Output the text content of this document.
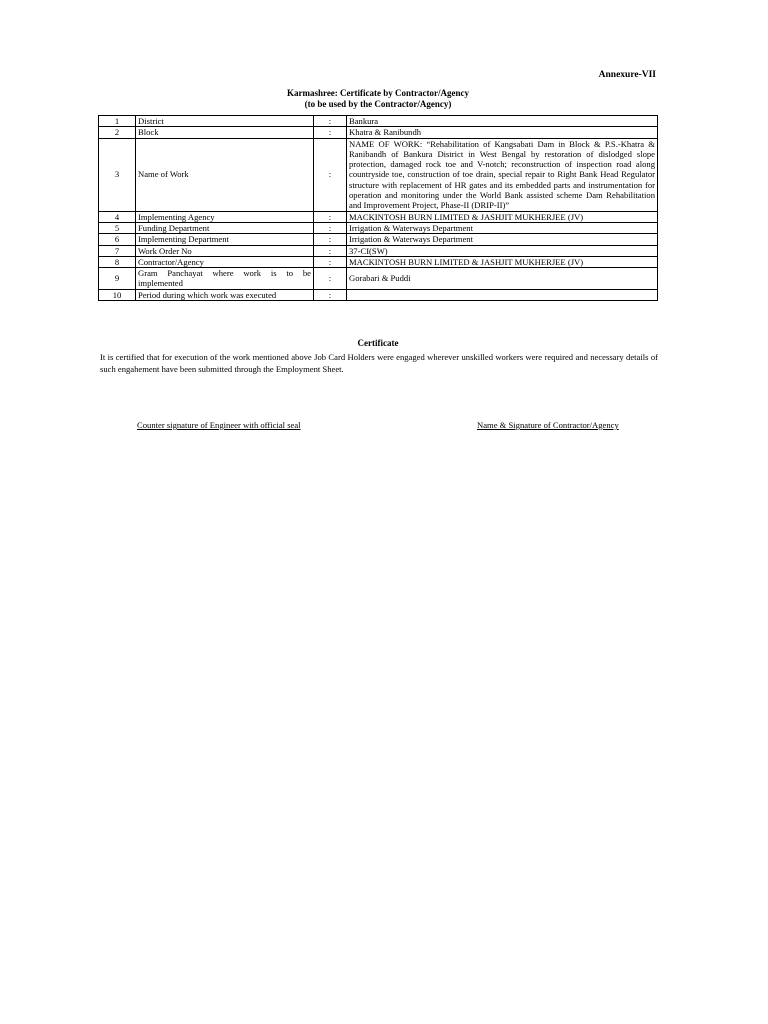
Annexure-VII
Karmashree: Certificate by Contractor/Agency
(to be used by the Contractor/Agency)
1	District	:	Bankura
2	Block	:	Khatra & Ranibundh
3	Name of Work	:	NAME OF WORK: “Rehabilitation of Kangsabati Dam in Block & P.S.-Khatra & Ranibandh of Bankura District in West Bengal by restoration of dislodged slope protection, damaged rock toe and V-notch; reconstruction of inspection road along countryside toe, construction of toe drain, special repair to Right Bank Head Regulator structure with replacement of HR gates and its embedded parts and instrumentation for operation and monitoring under the World Bank assisted scheme Dam Rehabilitation and Improvement Project, Phase-II (DRIP-II)”
4	Implementing Agency	:	MACKINTOSH BURN LIMITED & JASHJIT MUKHERJEE (JV)
5	Funding Department	:	Irrigation & Waterways Department
6	Implementing Department	:	Irrigation & Waterways Department
7	Work Order No	:	37-CI(SW)
8	Contractor/Agency	:	MACKINTOSH BURN LIMITED & JASHJIT MUKHERJEE (JV)
9	Gram Panchayat where work is to be implemented	:	Gorabari & Puddi
10	Period during which work was executed	:	
Certificate
It is certified that for execution of the work mentioned above Job Card Holders were engaged wherever unskilled workers were required and necessary details of such engahement have been submitted through the Employment Sheet.
Counter signature of Engineer with official seal	Name & Signature of Contractor/Agency
